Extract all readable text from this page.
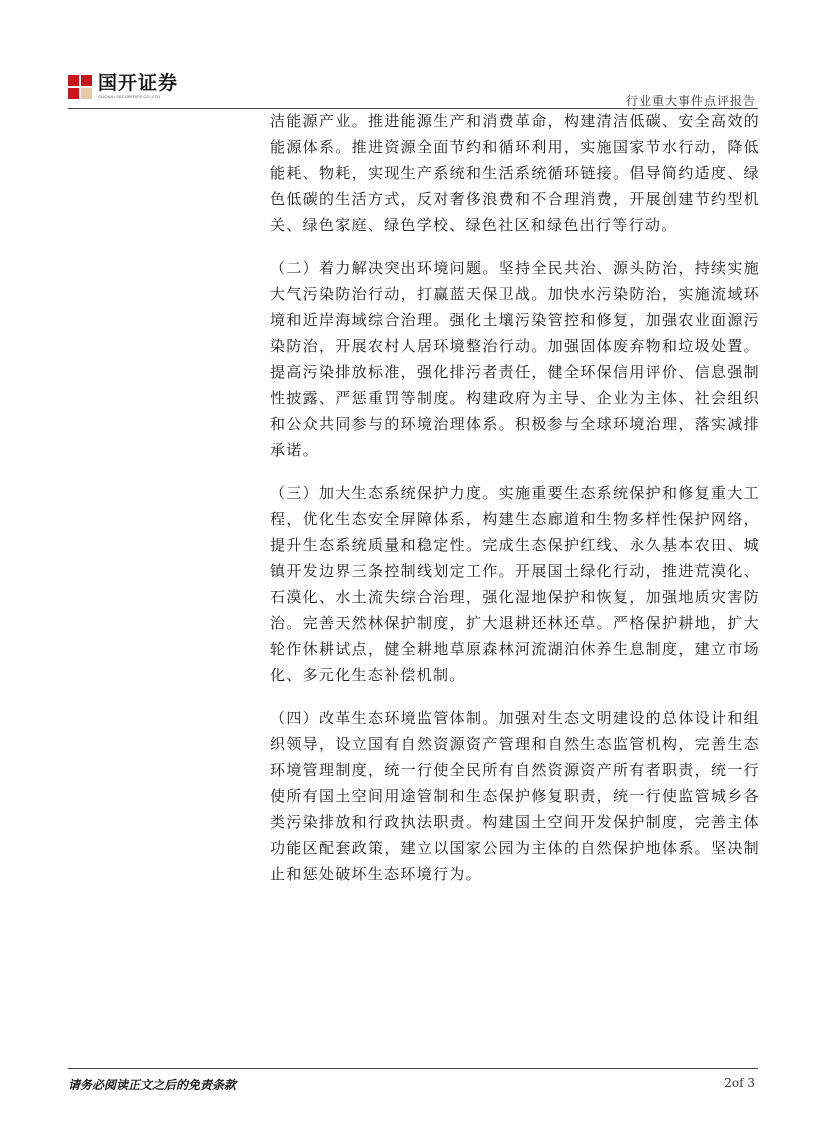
国开证券
GUOKAI SECURITIES CO.,LTD	行业重大事件点评报告

洁能源产业。推进能源生产和消费革命，构建清洁低碳、安全高效的能源体系。推进资源全面节约和循环利用，实施国家节水行动，降低能耗、物耗，实现生产系统和生活系统循环链接。倡导简约适度、绿色低碳的生活方式，反对奢侈浪费和不合理消费，开展创建节约型机关、绿色家庭、绿色学校、绿色社区和绿色出行等行动。

（二）着力解决突出环境问题。坚持全民共治、源头防治，持续实施大气污染防治行动，打赢蓝天保卫战。加快水污染防治，实施流域环境和近岸海域综合治理。强化土壤污染管控和修复，加强农业面源污染防治，开展农村人居环境整治行动。加强固体废弃物和垃圾处置。提高污染排放标准，强化排污者责任，健全环保信用评价、信息强制性披露、严惩重罚等制度。构建政府为主导、企业为主体、社会组织和公众共同参与的环境治理体系。积极参与全球环境治理，落实减排承诺。

（三）加大生态系统保护力度。实施重要生态系统保护和修复重大工程，优化生态安全屏障体系，构建生态廊道和生物多样性保护网络，提升生态系统质量和稳定性。完成生态保护红线、永久基本农田、城镇开发边界三条控制线划定工作。开展国土绿化行动，推进荒漠化、石漠化、水土流失综合治理，强化湿地保护和恢复，加强地质灾害防治。完善天然林保护制度，扩大退耕还林还草。严格保护耕地，扩大轮作休耕试点，健全耕地草原森林河流湖泊休养生息制度，建立市场化、多元化生态补偿机制。

（四）改革生态环境监管体制。加强对生态文明建设的总体设计和组织领导，设立国有自然资源资产管理和自然生态监管机构，完善生态环境管理制度，统一行使全民所有自然资源资产所有者职责，统一行使所有国土空间用途管制和生态保护修复职责，统一行使监管城乡各类污染排放和行政执法职责。构建国土空间开发保护制度，完善主体功能区配套政策，建立以国家公园为主体的自然保护地体系。坚决制止和惩处破坏生态环境行为。

请务必阅读正文之后的免责条款	2of 3
